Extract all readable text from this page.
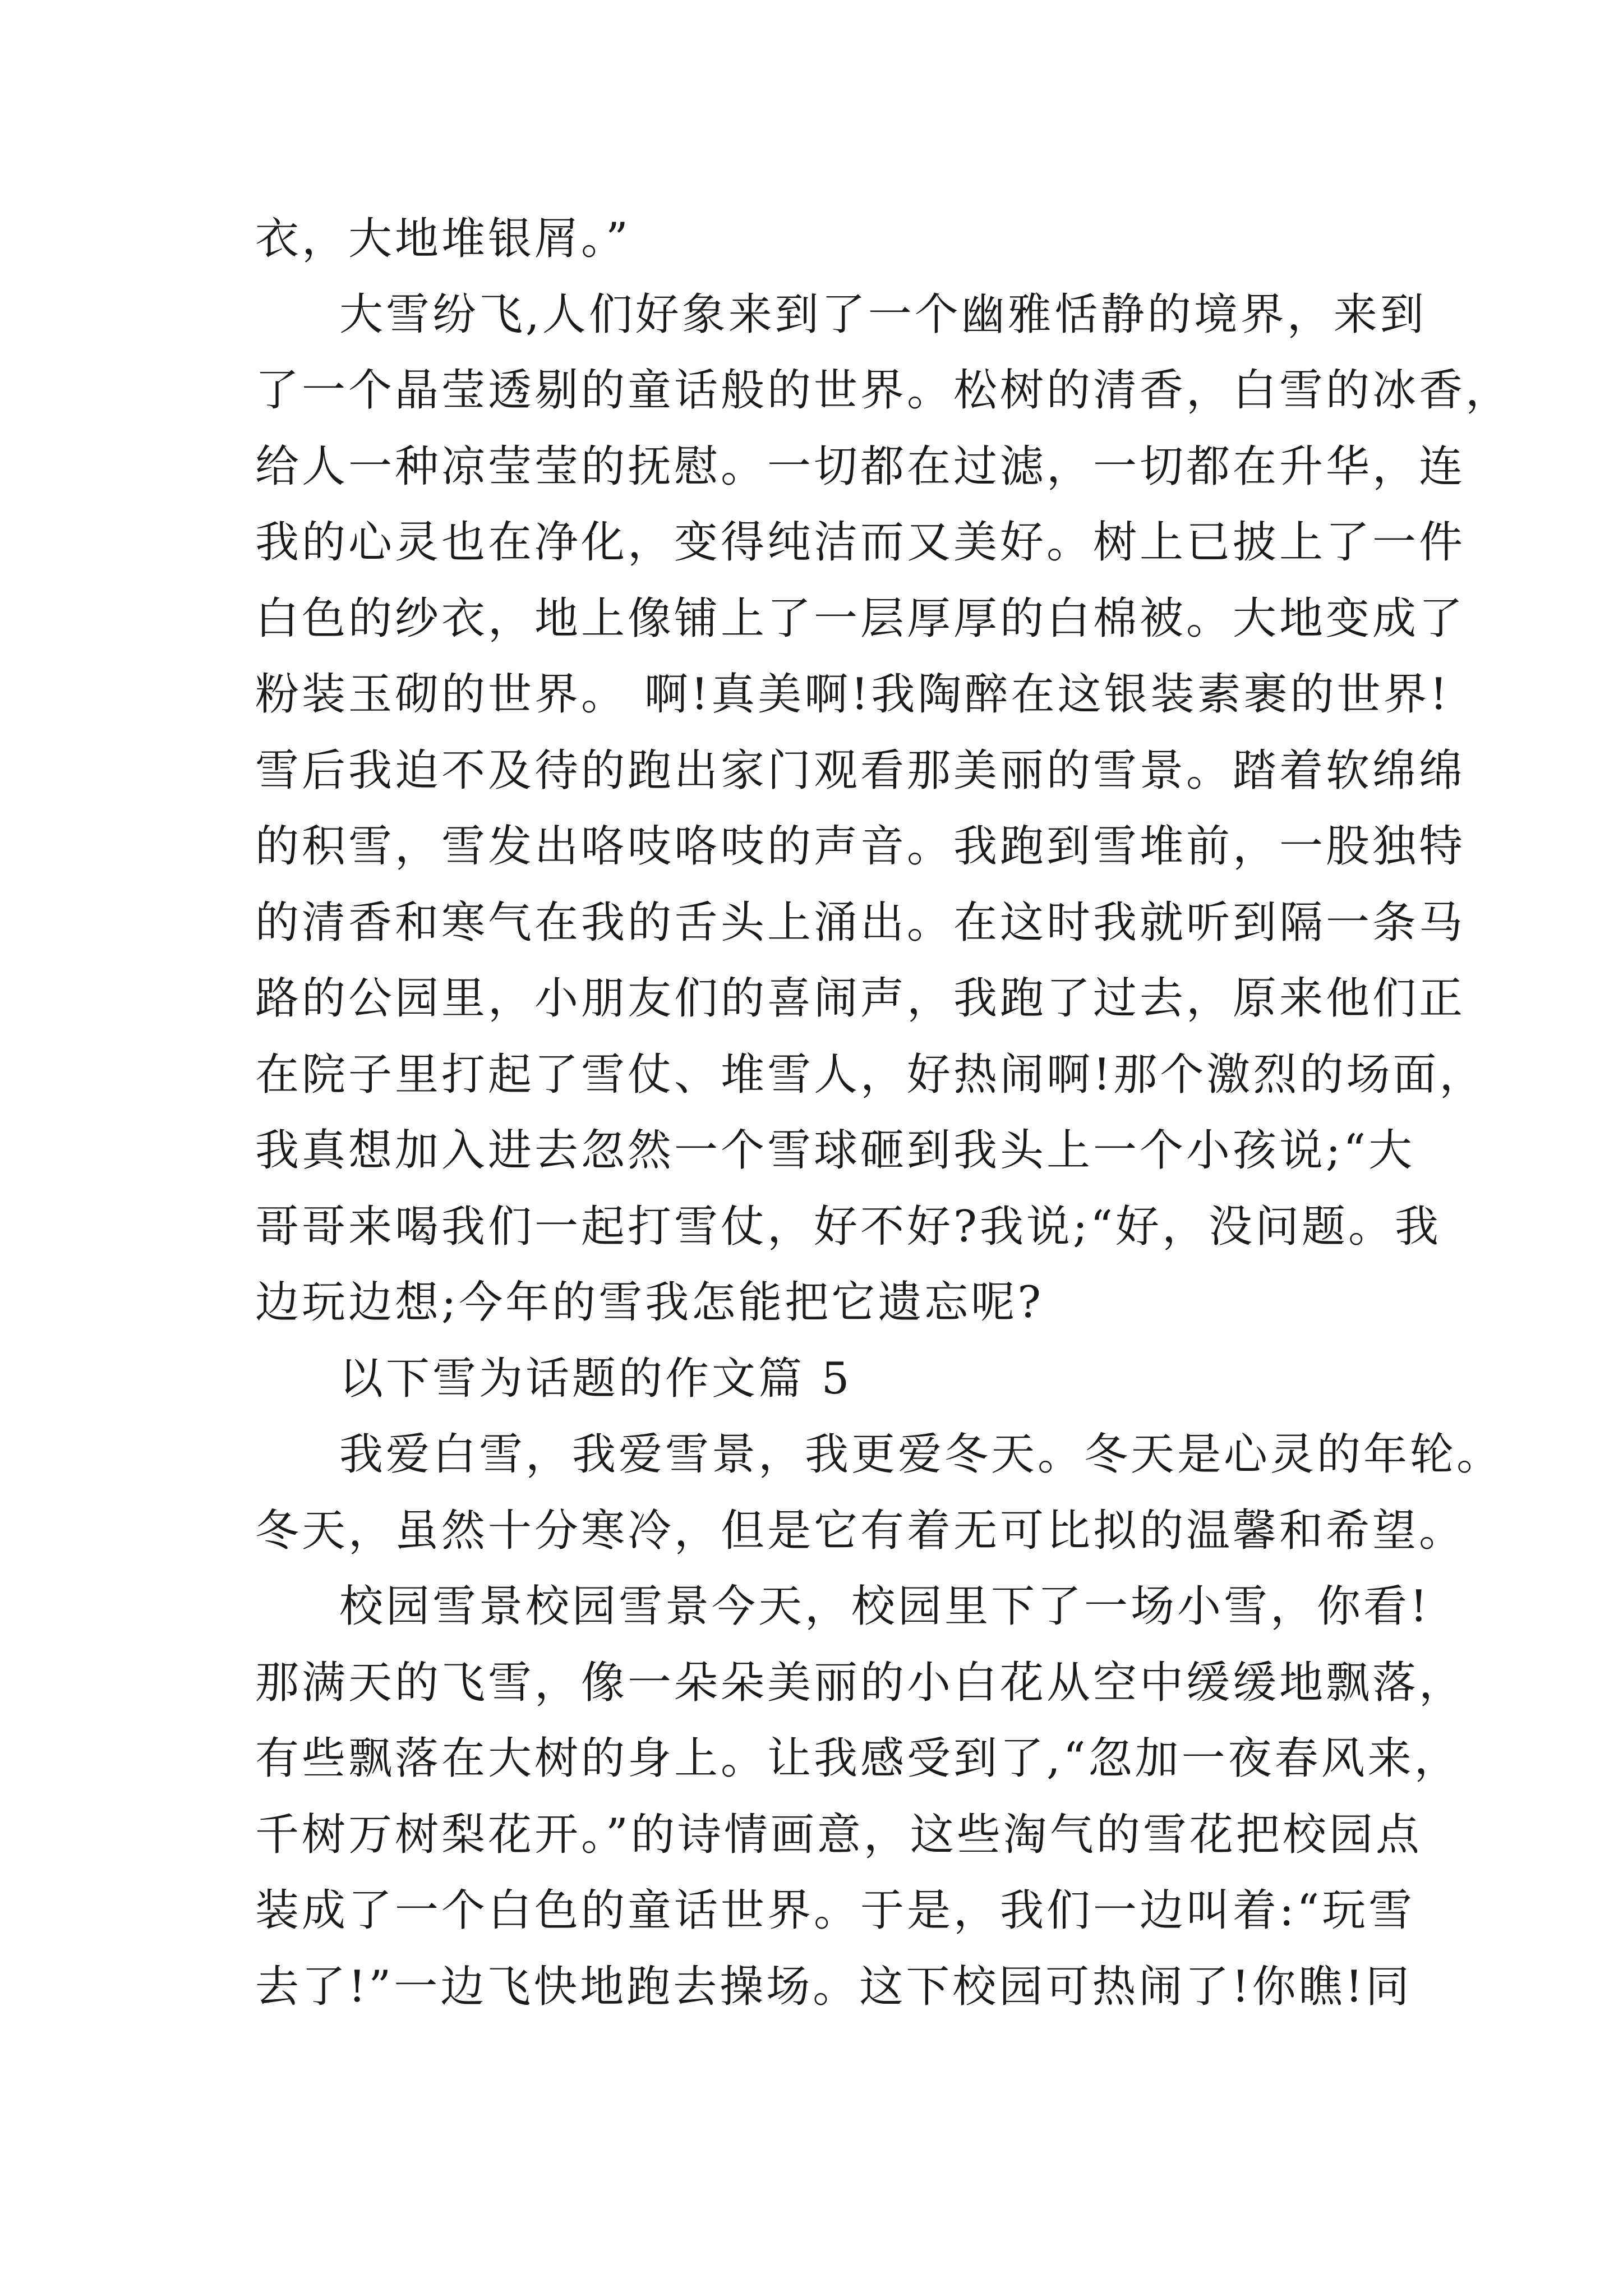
衣，大地堆银屑。”
大雪纷飞,人们好象来到了一个幽雅恬静的境界，来到
了一个晶莹透剔的童话般的世界。松树的清香，白雪的冰香，
给人一种凉莹莹的抚慰。一切都在过滤，一切都在升华，连
我的心灵也在净化，变得纯洁而又美好。树上已披上了一件
白色的纱衣，地上像铺上了一层厚厚的白棉被。大地变成了
粉装玉砌的世界。 啊!真美啊!我陶醉在这银装素裹的世界!
雪后我迫不及待的跑出家门观看那美丽的雪景。踏着软绵绵
的积雪，雪发出咯吱咯吱的声音。我跑到雪堆前，一股独特
的清香和寒气在我的舌头上涌出。在这时我就听到隔一条马
路的公园里，小朋友们的喜闹声，我跑了过去，原来他们正
在院子里打起了雪仗、堆雪人，好热闹啊!那个激烈的场面，
我真想加入进去忽然一个雪球砸到我头上一个小孩说;“大
哥哥来喝我们一起打雪仗，好不好?我说;“好，没问题。我
边玩边想;今年的雪我怎能把它遗忘呢?
以下雪为话题的作文篇 5
我爱白雪，我爱雪景，我更爱冬天。冬天是心灵的年轮。
冬天，虽然十分寒冷，但是它有着无可比拟的温馨和希望。
校园雪景校园雪景今天，校园里下了一场小雪，你看!
那满天的飞雪，像一朵朵美丽的小白花从空中缓缓地飘落，
有些飘落在大树的身上。让我感受到了,“忽加一夜春风来，
千树万树梨花开。”的诗情画意，这些淘气的雪花把校园点
装成了一个白色的童话世界。于是，我们一边叫着:“玩雪
去了!”一边飞快地跑去操场。这下校园可热闹了!你瞧!同
